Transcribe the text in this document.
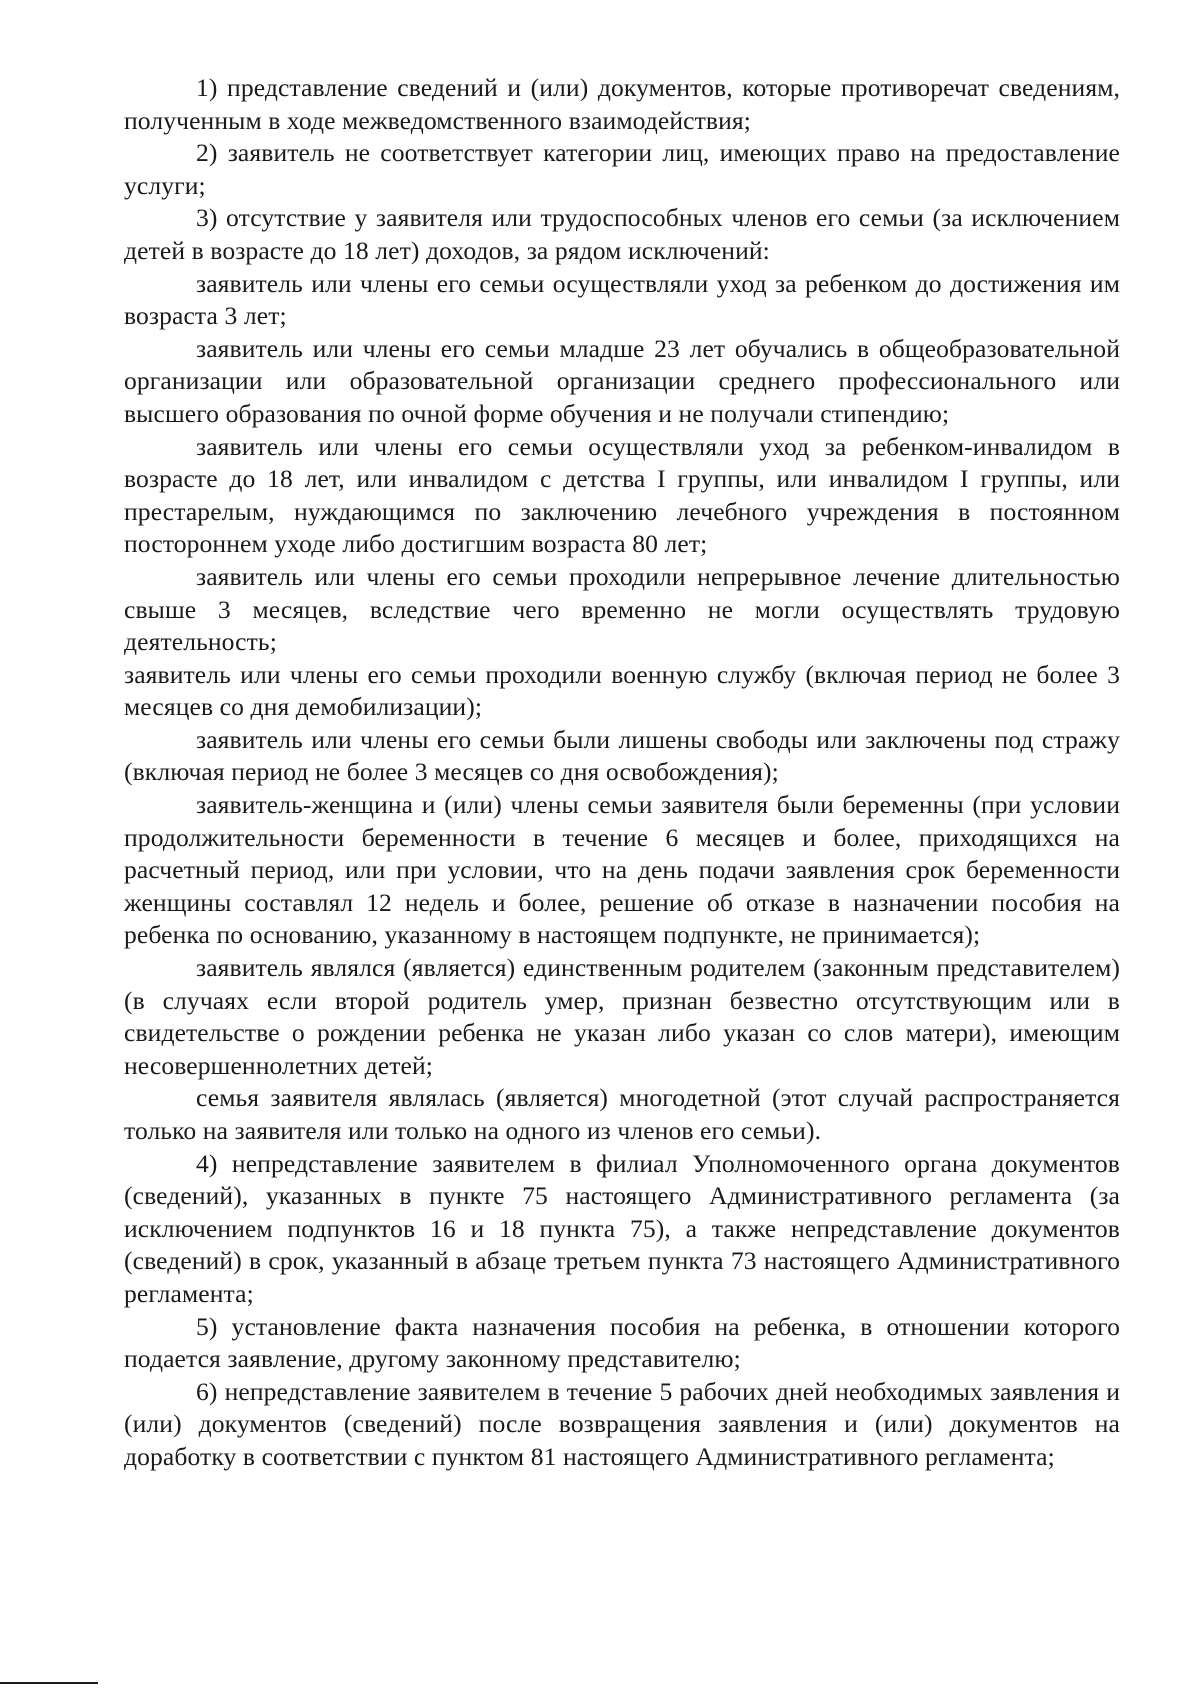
1) представление сведений и (или) документов, которые противоречат сведениям, полученным в ходе межведомственного взаимодействия;

2) заявитель не соответствует категории лиц, имеющих право на предоставление услуги;

3) отсутствие у заявителя или трудоспособных членов его семьи (за исключением детей в возрасте до 18 лет) доходов, за рядом исключений:

заявитель или члены его семьи осуществляли уход за ребенком до достижения им возраста 3 лет;

заявитель или члены его семьи младше 23 лет обучались в общеобразовательной организации или образовательной организации среднего профессионального или высшего образования по очной форме обучения и не получали стипендию;

заявитель или члены его семьи осуществляли уход за ребенком-инвалидом в возрасте до 18 лет, или инвалидом с детства I группы, или инвалидом I группы, или престарелым, нуждающимся по заключению лечебного учреждения в постоянном постороннем уходе либо достигшим возраста 80 лет;

заявитель или члены его семьи проходили непрерывное лечение длительностью свыше 3 месяцев, вследствие чего временно не могли осуществлять трудовую деятельность;

заявитель или члены его семьи проходили военную службу (включая период не более 3 месяцев со дня демобилизации);

заявитель или члены его семьи были лишены свободы или заключены под стражу (включая период не более 3 месяцев со дня освобождения);

заявитель-женщина и (или) члены семьи заявителя были беременны (при условии продолжительности беременности в течение 6 месяцев и более, приходящихся на расчетный период, или при условии, что на день подачи заявления срок беременности женщины составлял 12 недель и более, решение об отказе в назначении пособия на ребенка по основанию, указанному в настоящем подпункте, не принимается);

заявитель являлся (является) единственным родителем (законным представителем) (в случаях если второй родитель умер, признан безвестно отсутствующим или в свидетельстве о рождении ребенка не указан либо указан со слов матери), имеющим несовершеннолетних детей;

семья заявителя являлась (является) многодетной (этот случай распространяется только на заявителя или только на одного из членов его семьи).

4) непредставление заявителем в филиал Уполномоченного органа документов (сведений), указанных в пункте 75 настоящего Административного регламента (за исключением подпунктов 16 и 18 пункта 75), а также непредставление документов (сведений) в срок, указанный в абзаце третьем пункта 73 настоящего Административного регламента;

5) установление факта назначения пособия на ребенка, в отношении которого подается заявление, другому законному представителю;

6) непредставление заявителем в течение 5 рабочих дней необходимых заявления и (или) документов (сведений) после возвращения заявления и (или) документов на доработку в соответствии с пунктом 81 настоящего Административного регламента;
